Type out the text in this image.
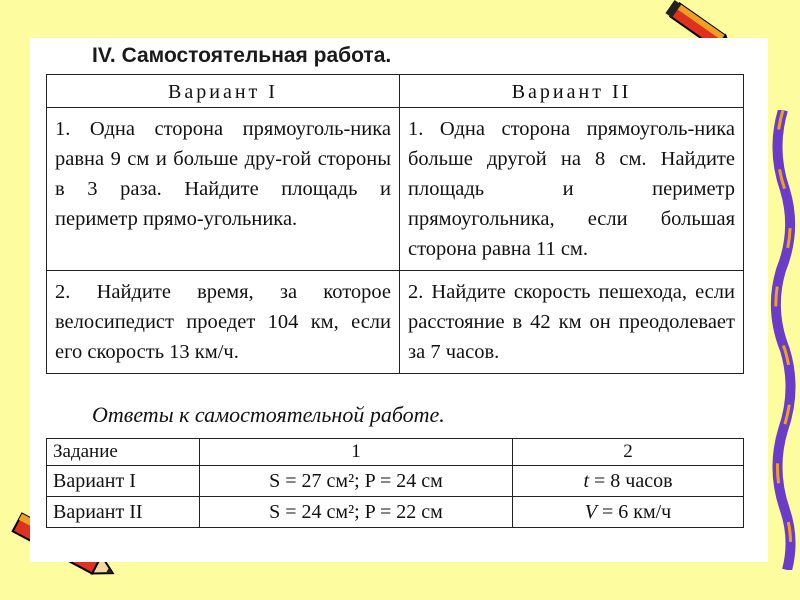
IV. Самостоятельная работа.
Вариант I	Вариант II
1. Одна сторона прямоуголь-ника равна 9 см и больше дру-гой стороны в 3 раза. Найдите площадь и периметр прямо-угольника.	1. Одна сторона прямоуголь-ника больше другой на 8 см. Найдите площадь и периметр прямоугольника, если большая сторона равна 11 см.
2. Найдите время, за которое велосипедист проедет 104 км, если его скорость 13 км/ч.	2. Найдите скорость пешехода, если расстояние в 42 км он преодолевает за 7 часов.
Ответы к самостоятельной работе.
Задание	1	2
Вариант I	S = 27 см²; P = 24 см	t = 8 часов
Вариант II	S = 24 см²; P = 22 см	V = 6 км/ч
